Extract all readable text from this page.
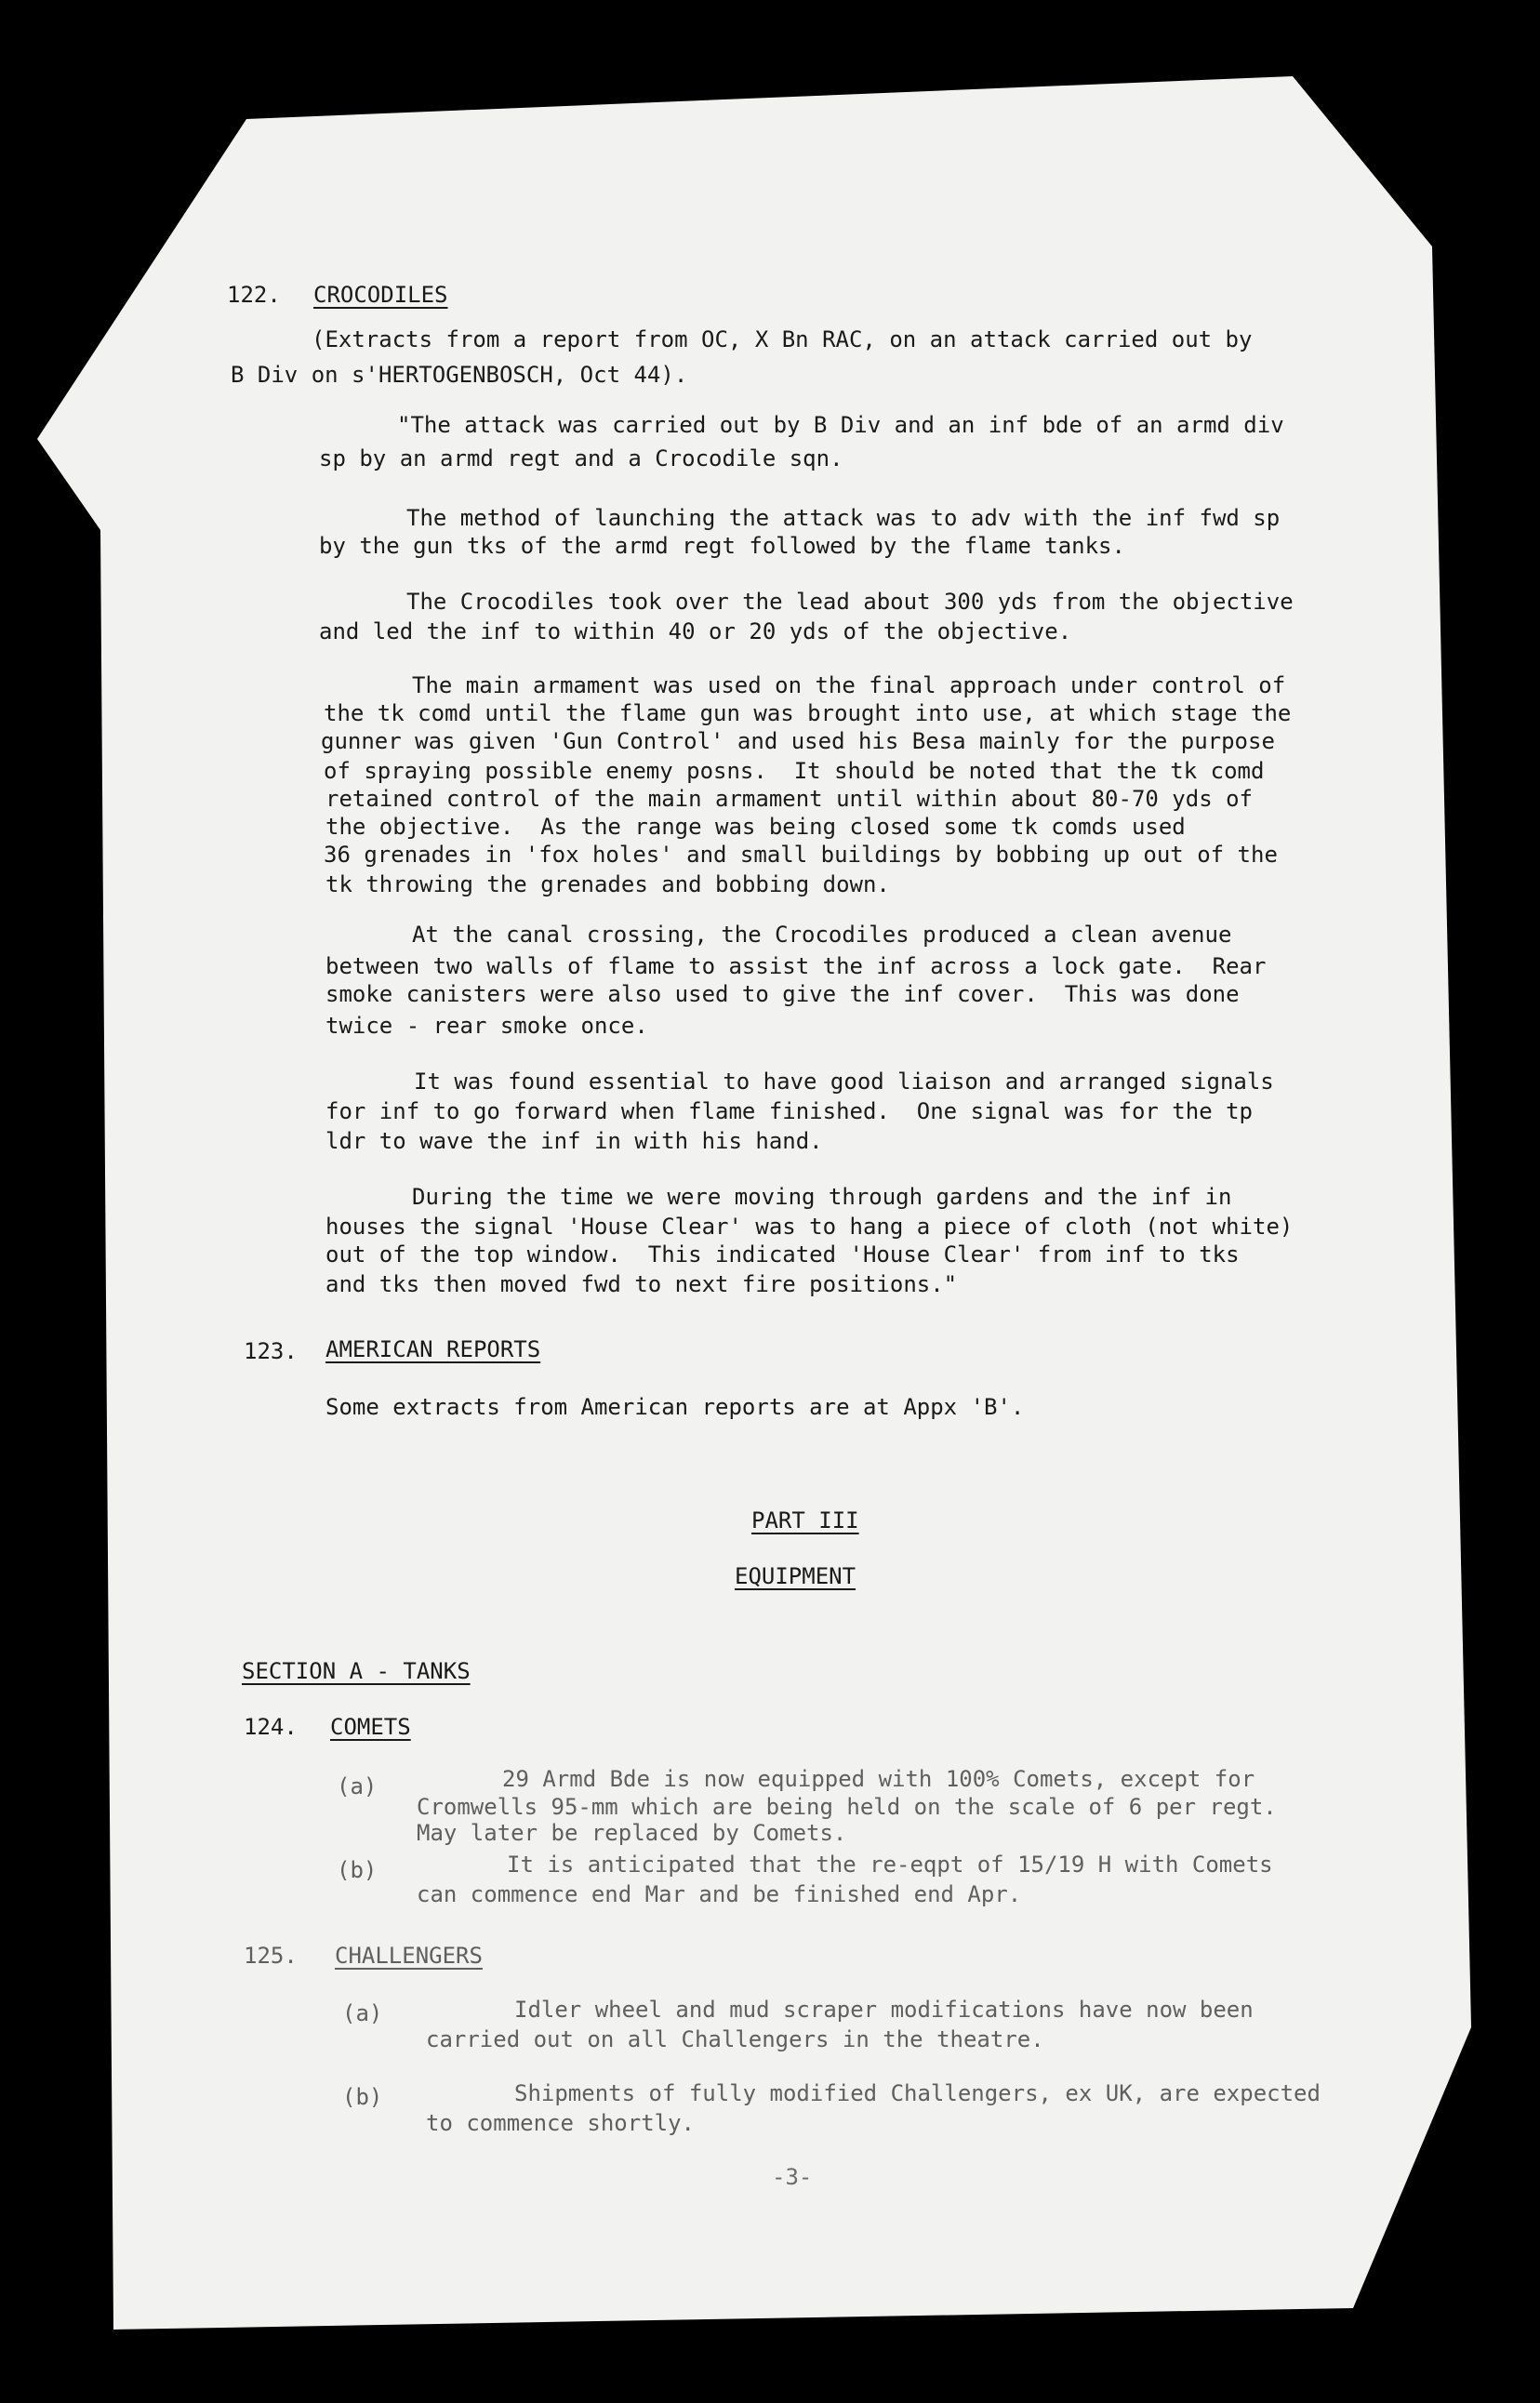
122. CROCODILES
(Extracts from a report from OC, X Bn RAC, on an attack carried out by
B Div on s'HERTOGENBOSCH, Oct 44).
"The attack was carried out by B Div and an inf bde of an armd div
sp by an armd regt and a Crocodile sqn.
The method of launching the attack was to adv with the inf fwd sp
by the gun tks of the armd regt followed by the flame tanks.
The Crocodiles took over the lead about 300 yds from the objective
and led the inf to within 40 or 20 yds of the objective.
The main armament was used on the final approach under control of
the tk comd until the flame gun was brought into use, at which stage the
gunner was given 'Gun Control' and used his Besa mainly for the purpose
of spraying possible enemy posns.  It should be noted that the tk comd
retained control of the main armament until within about 80-70 yds of
the objective.  As the range was being closed some tk comds used
36 grenades in 'fox holes' and small buildings by bobbing up out of the
tk throwing the grenades and bobbing down.
At the canal crossing, the Crocodiles produced a clean avenue
between two walls of flame to assist the inf across a lock gate.  Rear
smoke canisters were also used to give the inf cover.  This was done
twice - rear smoke once.
It was found essential to have good liaison and arranged signals
for inf to go forward when flame finished.  One signal was for the tp
ldr to wave the inf in with his hand.
During the time we were moving through gardens and the inf in
houses the signal 'House Clear' was to hang a piece of cloth (not white)
out of the top window.  This indicated 'House Clear' from inf to tks
and tks then moved fwd to next fire positions."
123. AMERICAN REPORTS
Some extracts from American reports are at Appx 'B'.
PART III
EQUIPMENT
SECTION A - TANKS
124. COMETS
(a)	29 Armd Bde is now equipped with 100% Comets, except for
Cromwells 95-mm which are being held on the scale of 6 per regt.
May later be replaced by Comets.
(b)	It is anticipated that the re-eqpt of 15/19 H with Comets
can commence end Mar and be finished end Apr.
125. CHALLENGERS
(a)	Idler wheel and mud scraper modifications have now been
carried out on all Challengers in the theatre.
(b)	Shipments of fully modified Challengers, ex UK, are expected
to commence shortly.
-3-
